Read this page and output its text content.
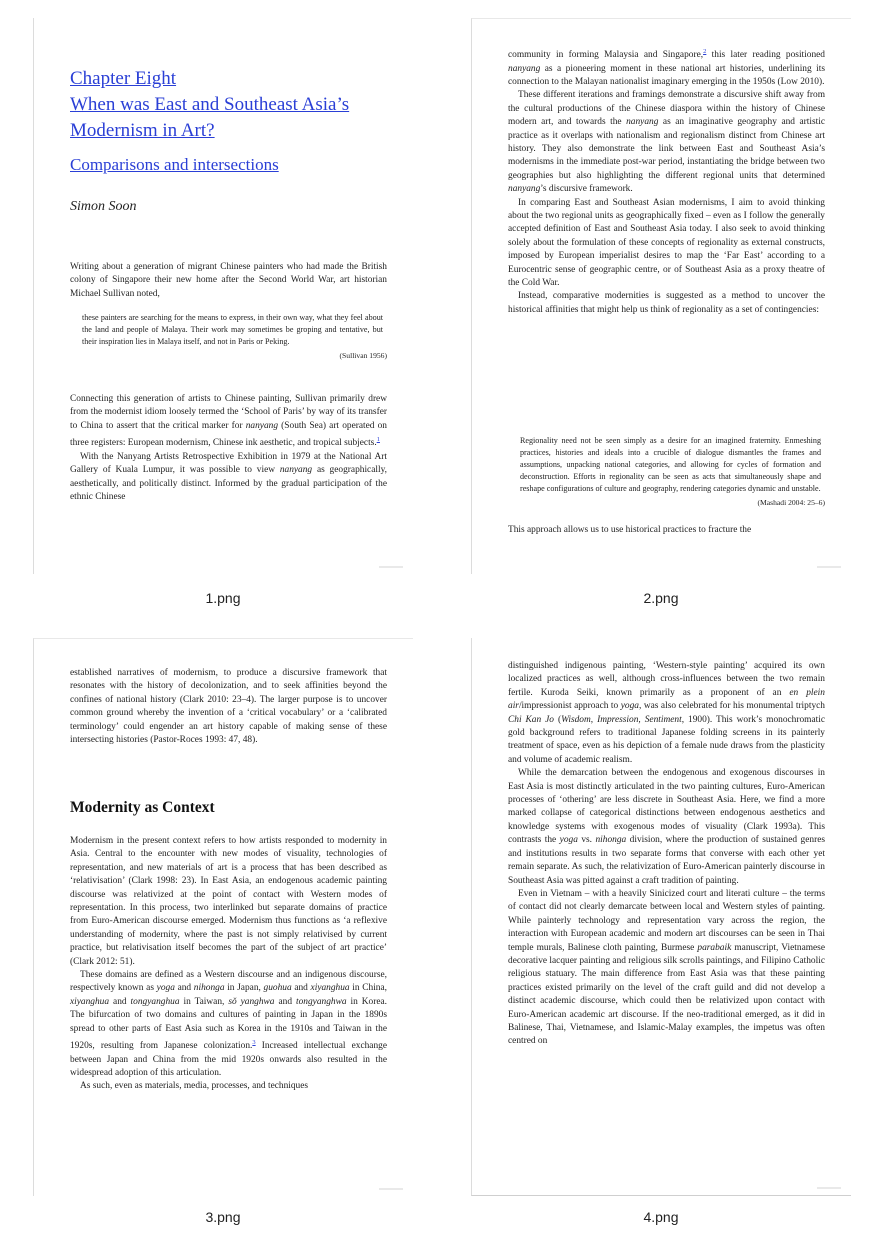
Chapter Eight
When was East and Southeast Asia’s
Modernism in Art?
Comparisons and intersections
Simon Soon

Writing about a generation of migrant Chinese painters who had made the British colony of Singapore their new home after the Second World War, art historian Michael Sullivan noted,

these painters are searching for the means to express, in their own way, what they feel about the land and people of Malaya. Their work may sometimes be groping and tentative, but their inspiration lies in Malaya itself, and not in Paris or Peking.

(Sullivan 1956)

Connecting this generation of artists to Chinese painting, Sullivan primarily drew from the modernist idiom loosely termed the ‘School of Paris’ by way of its transfer to China to assert that the critical marker for nanyang (South Sea) art operated on three registers: European modernism, Chinese ink aesthetic, and tropical subjects.$^1$

With the Nanyang Artists Retrospective Exhibition in 1979 at the National Art Gallery of Kuala Lumpur, it was possible to view nanyang as geographically, aesthetically, and politically distinct. Informed by the gradual participation of the ethnic Chinese

1.png

community in forming Malaysia and Singapore,$^2$ this later reading positioned nanyang as a pioneering moment in these national art histories, underlining its connection to the Malayan nationalist imaginary emerging in the 1950s (Low 2010).

These different iterations and framings demonstrate a discursive shift away from the cultural productions of the Chinese diaspora within the history of Chinese modern art, and towards the nanyang as an imaginative geography and artistic practice as it overlaps with nationalism and regionalism distinct from Chinese art history. They also demonstrate the link between East and Southeast Asia’s modernisms in the immediate post-war period, instantiating the bridge between two geographies but also highlighting the different regional units that determined nanyang’s discursive framework.

In comparing East and Southeast Asian modernisms, I aim to avoid thinking about the two regional units as geographically fixed – even as I follow the generally accepted definition of East and Southeast Asia today. I also seek to avoid thinking solely about the formulation of these concepts of regionality as external constructs, imposed by European imperialist desires to map the ‘Far East’ according to a Eurocentric sense of geographic centre, or of Southeast Asia as a proxy theatre of the Cold War.

Instead, comparative modernities is suggested as a method to uncover the historical affinities that might help us think of regionality as a set of contingencies:

Regionality need not be seen simply as a desire for an imagined fraternity. Enmeshing practices, histories and ideals into a crucible of dialogue dismantles the frames and assumptions, unpacking national categories, and allowing for cycles of formation and deconstruction. Efforts in regionality can be seen as acts that simultaneously shape and reshape configurations of culture and geography, rendering categories dynamic and unstable.

(Mashadi 2004: 25–6)

This approach allows us to use historical practices to fracture the

2.png

established narratives of modernism, to produce a discursive framework that resonates with the history of decolonization, and to seek affinities beyond the confines of national history (Clark 2010: 23–4). The larger purpose is to uncover common ground whereby the invention of a ‘critical vocabulary’ or a ‘calibrated terminology’ could engender an art history capable of making sense of these intersecting histories (Pastor-Roces 1993: 47, 48).

Modernity as Context

Modernism in the present context refers to how artists responded to modernity in Asia. Central to the encounter with new modes of visuality, technologies of representation, and new materials of art is a process that has been described as ‘relativisation’ (Clark 1998: 23). In East Asia, an endogenous academic painting discourse was relativized at the point of contact with Western modes of representation. In this process, two interlinked but separate domains of practice from Euro-American discourse emerged. Modernism thus functions as ‘a reflexive understanding of modernity, where the past is not simply relativised by current practice, but relativisation itself becomes the part of the subject of art practice’ (Clark 2012: 51).

These domains are defined as a Western discourse and an indigenous discourse, respectively known as yoga and nihonga in Japan, guohua and xiyanghua in China, xiyanghua and tongyanghua in Taiwan, sŏ yanghwa and tongyanghwa in Korea. The bifurcation of two domains and cultures of painting in Japan in the 1890s spread to other parts of East Asia such as Korea in the 1910s and Taiwan in the 1920s, resulting from Japanese colonization.$^3$ Increased intellectual exchange between Japan and China from the mid 1920s onwards also resulted in the widespread adoption of this articulation.

As such, even as materials, media, processes, and techniques

3.png

distinguished indigenous painting, ‘Western-style painting’ acquired its own localized practices as well, although cross-influences between the two remain fertile. Kuroda Seiki, known primarily as a proponent of an en plein air/impressionist approach to yoga, was also celebrated for his monumental triptych Chi Kan Jo (Wisdom, Impression, Sentiment, 1900). This work’s monochromatic gold background refers to traditional Japanese folding screens in its painterly treatment of space, even as his depiction of a female nude draws from the plasticity and volume of academic realism.

While the demarcation between the endogenous and exogenous discourses in East Asia is most distinctly articulated in the two painting cultures, Euro-American processes of ‘othering’ are less discrete in Southeast Asia. Here, we find a more marked collapse of categorical distinctions between endogenous aesthetics and knowledge systems with exogenous modes of visuality (Clark 1993a). This contrasts the yoga vs. nihonga division, where the production of sustained genres and institutions results in two separate forms that converse with each other yet remain separate. As such, the relativization of Euro-American painterly discourse in Southeast Asia was pitted against a craft tradition of painting.

Even in Vietnam – with a heavily Sinicized court and literati culture – the terms of contact did not clearly demarcate between local and Western styles of painting. While painterly technology and representation vary across the region, the interaction with European academic and modern art discourses can be seen in Thai temple murals, Balinese cloth painting, Burmese parabaik manuscript, Vietnamese decorative lacquer painting and religious silk scrolls paintings, and Filipino Catholic religious statuary. The main difference from East Asia was that these painting practices existed primarily on the level of the craft guild and did not develop a distinct academic discourse, which could then be relativized upon contact with Euro-American academic art discourse. If the neo-traditional emerged, as it did in Balinese, Thai, Vietnamese, and Islamic-Malay examples, the impetus was often centred on

4.png
